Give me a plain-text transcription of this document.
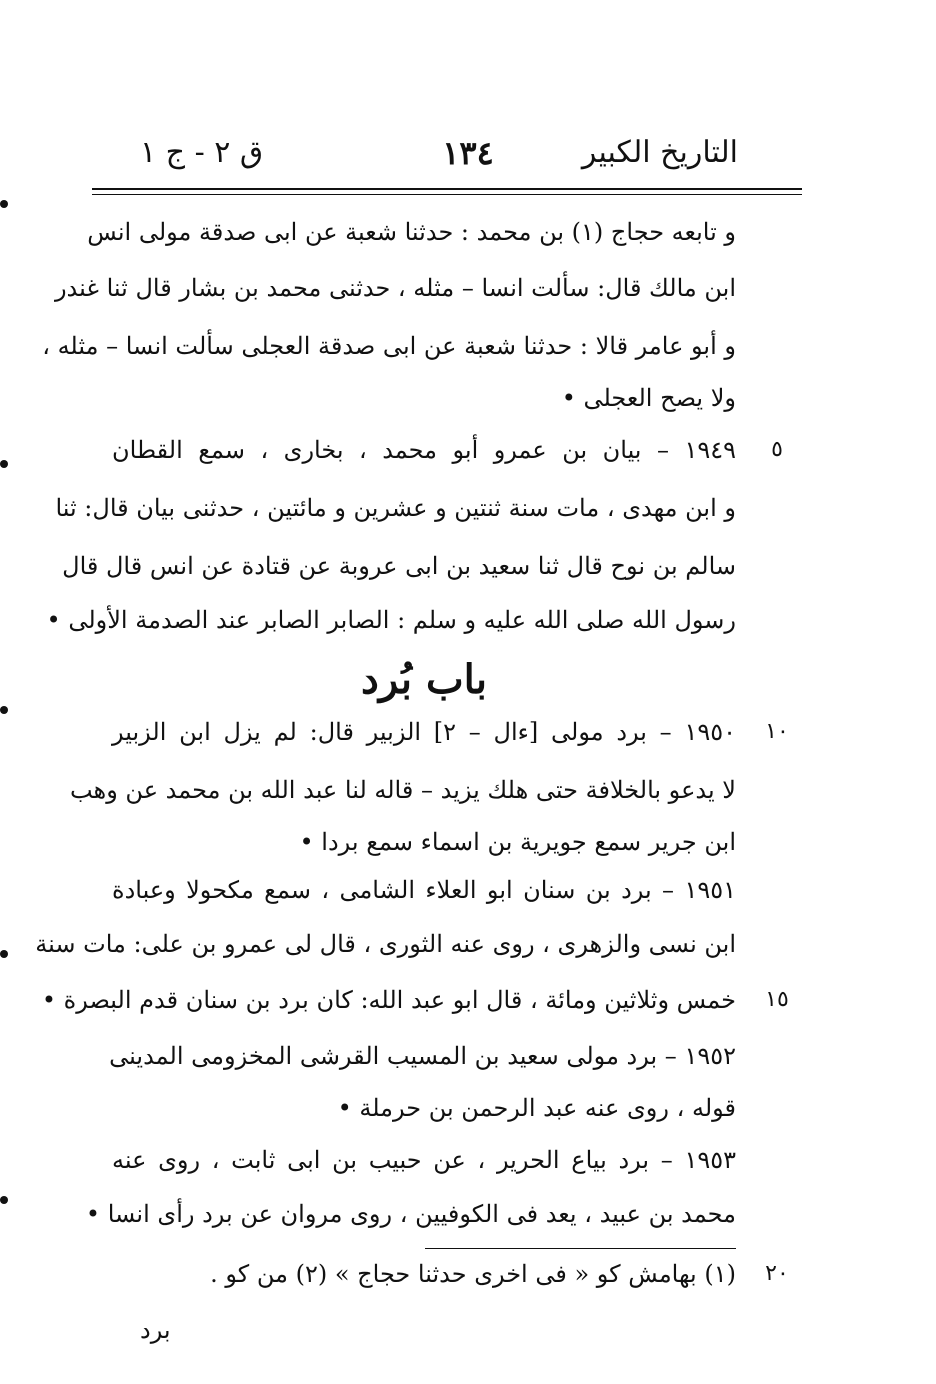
التاريخ الكبير
١٣٤
ق ٢ - ج ١
و تابعه حجاج (١) بن محمد : حدثنا شعبة عن ابى صدقة مولى انس
ابن مالك قال: سألت انسا – مثله ، حدثنى محمد بن بشار قال ثنا غندر
و أبو عامر قالا : حدثنا شعبة عن ابى صدقة العجلى سألت انسا – مثله ،
ولا يصح العجلى •
١٩٤٩ – بيان بن عمرو أبو محمد ، بخارى ، سمع القطان	٥
و ابن مهدى ، مات سنة ثنتين و عشرين و مائتين ، حدثنى بيان قال: ثنا
سالم بن نوح قال ثنا سعيد بن ابى عروبة عن قتادة عن انس قال قال
رسول الله صلى الله عليه و سلم : الصابر الصابر عند الصدمة الأولى •
باب بُرد
١٩٥٠ – برد مولى [ءال – ٢] الزبير قال: لم يزل ابن الزبير ١٠
لا يدعو بالخلافة حتى هلك يزيد – قاله لنا عبد الله بن محمد عن وهب
ابن جرير سمع جويرية بن اسماء سمع بردا •
١٩٥١ – برد بن سنان ابو العلاء الشامى ، سمع مكحولا وعبادة
ابن نسى والزهرى ، روى عنه الثورى ، قال لى عمرو بن على: مات سنة
خمس وثلاثين ومائة ، قال ابو عبد الله: كان برد بن سنان قدم البصرة • ١٥
١٩٥٢ – برد مولى سعيد بن المسيب القرشى المخزومى المدينى
قوله ، روى عنه عبد الرحمن بن حرملة •
١٩٥٣ – برد بياع الحرير ، عن حبيب بن ابى ثابت ، روى عنه
محمد بن عبيد ، يعد فى الكوفيين ، روى مروان عن برد رأى انسا •
(١) بهامش كو « فى اخرى حدثنا حجاج » (٢) من كو . ٢٠
برد
